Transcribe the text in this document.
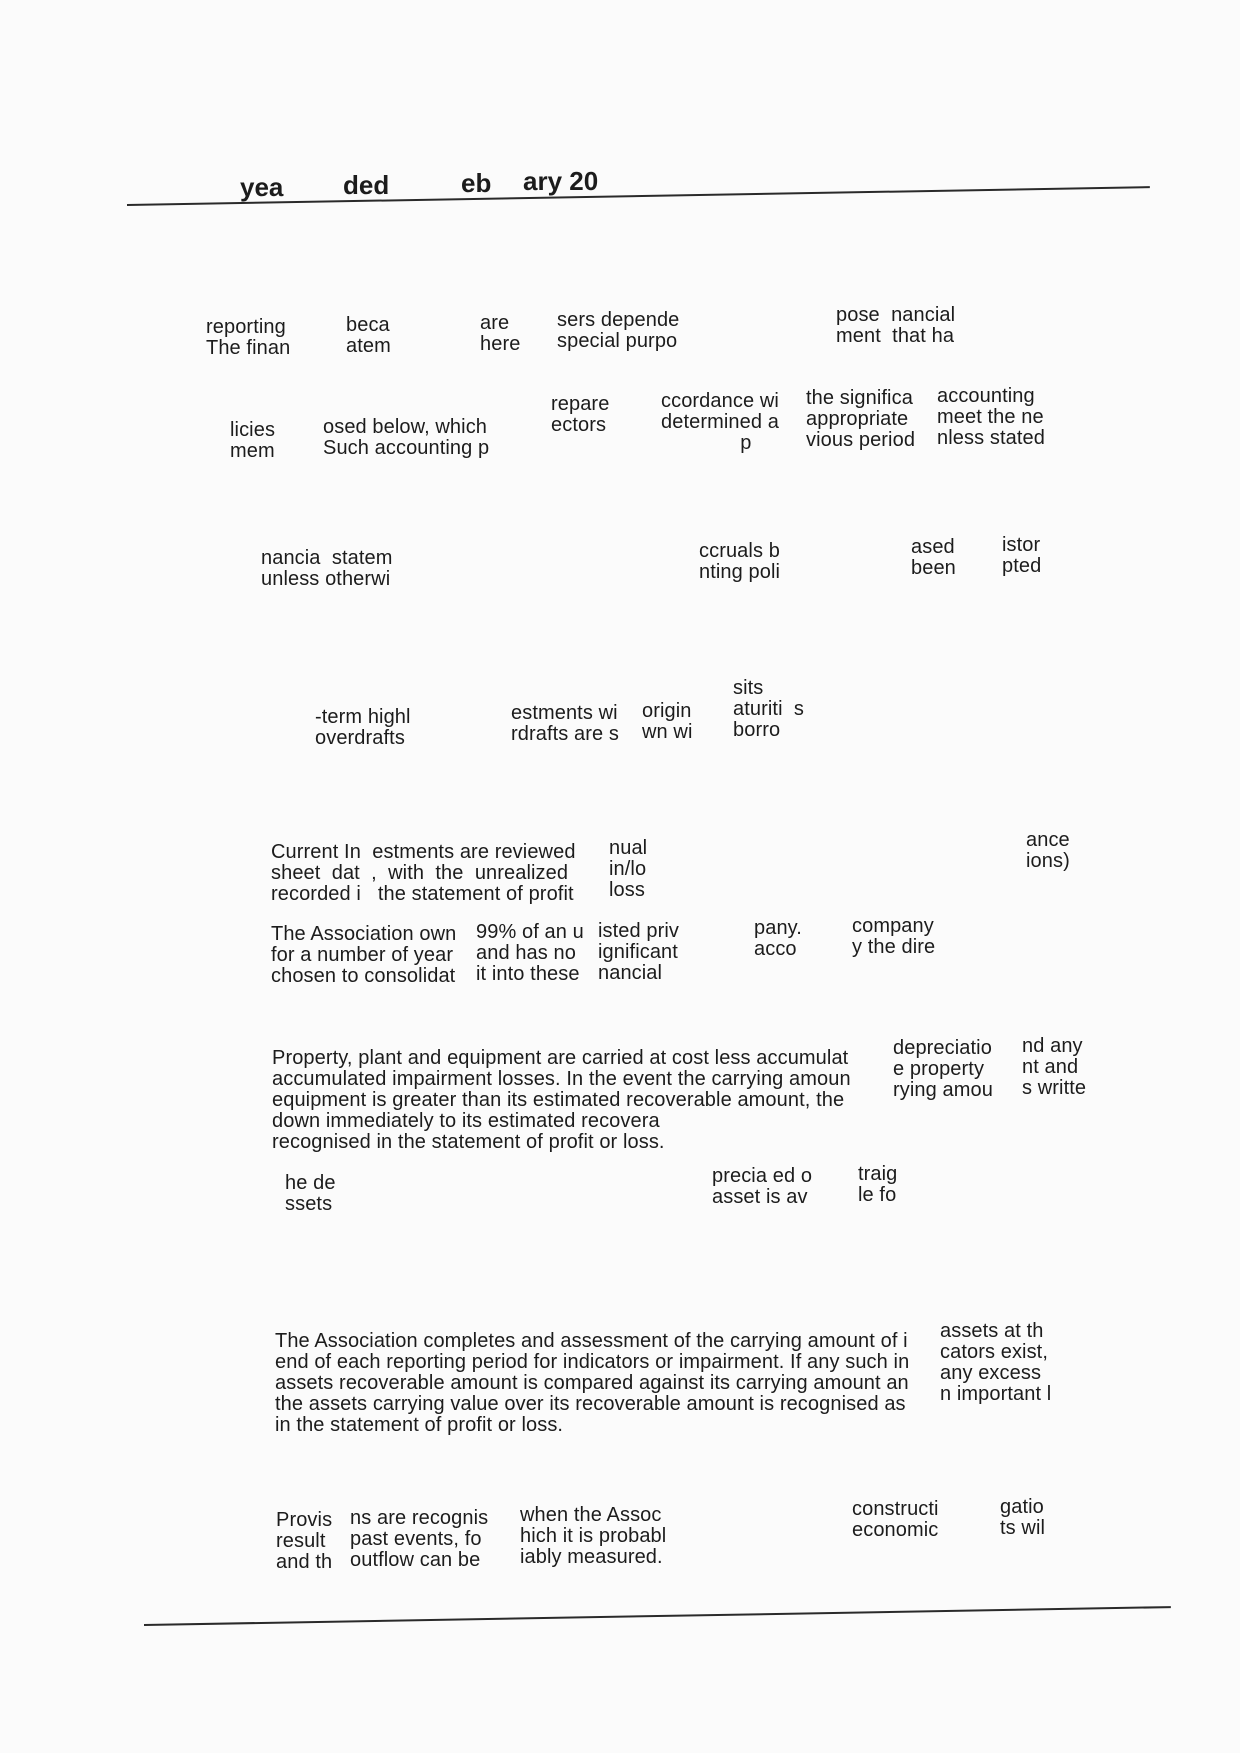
yea ded	eb ary 20
reporting
The finan
beca
atem
are
here
sers depende
special purpo
pose  nancial
ment  that ha
licies
mem
osed below, which
Such accounting p
repare
ectors
ccordance wi
determined a
p
the significa
appropriate
vious period
accounting
meet the ne
nless stated
nancia  statem
unless otherwi
ccruals b
nting poli
ased
been
istor
pted
-term highl
overdrafts
estments wi
rdrafts are s
origin
wn wi
sits
aturiti  s
borro
Current In  estments are reviewed
sheet  dat  ,  with  the  unrealized
recorded i   the statement of profit
nual
in/lo
loss
ance
ions)
The Association own
for a number of year
chosen to consolidat
99% of an u
and has no
it into these
isted priv
ignificant
nancial
pany.
acco
company
y the dire
Property, plant and equipment are carried at cost less accumulat
accumulated impairment losses. In the event the carrying amoun
equipment is greater than its estimated recoverable amount, the
down immediately to its estimated recovera
recognised in the statement of profit or loss.
depreciatio
e property
rying amou
nd any
nt and
s writte
he de
ssets
precia ed o
asset is av
traig
le fo
The Association completes and assessment of the carrying amount of i
end of each reporting period for indicators or impairment. If any such in
assets recoverable amount is compared against its carrying amount an
the assets carrying value over its recoverable amount is recognised as
in the statement of profit or loss.
assets at th
cators exist,
any excess
n important l
Provis
result
and th
ns are recognis
past events, fo
outflow can be
when the Assoc
hich it is probabl
iably measured.
constructi
economic
gatio
ts wil
